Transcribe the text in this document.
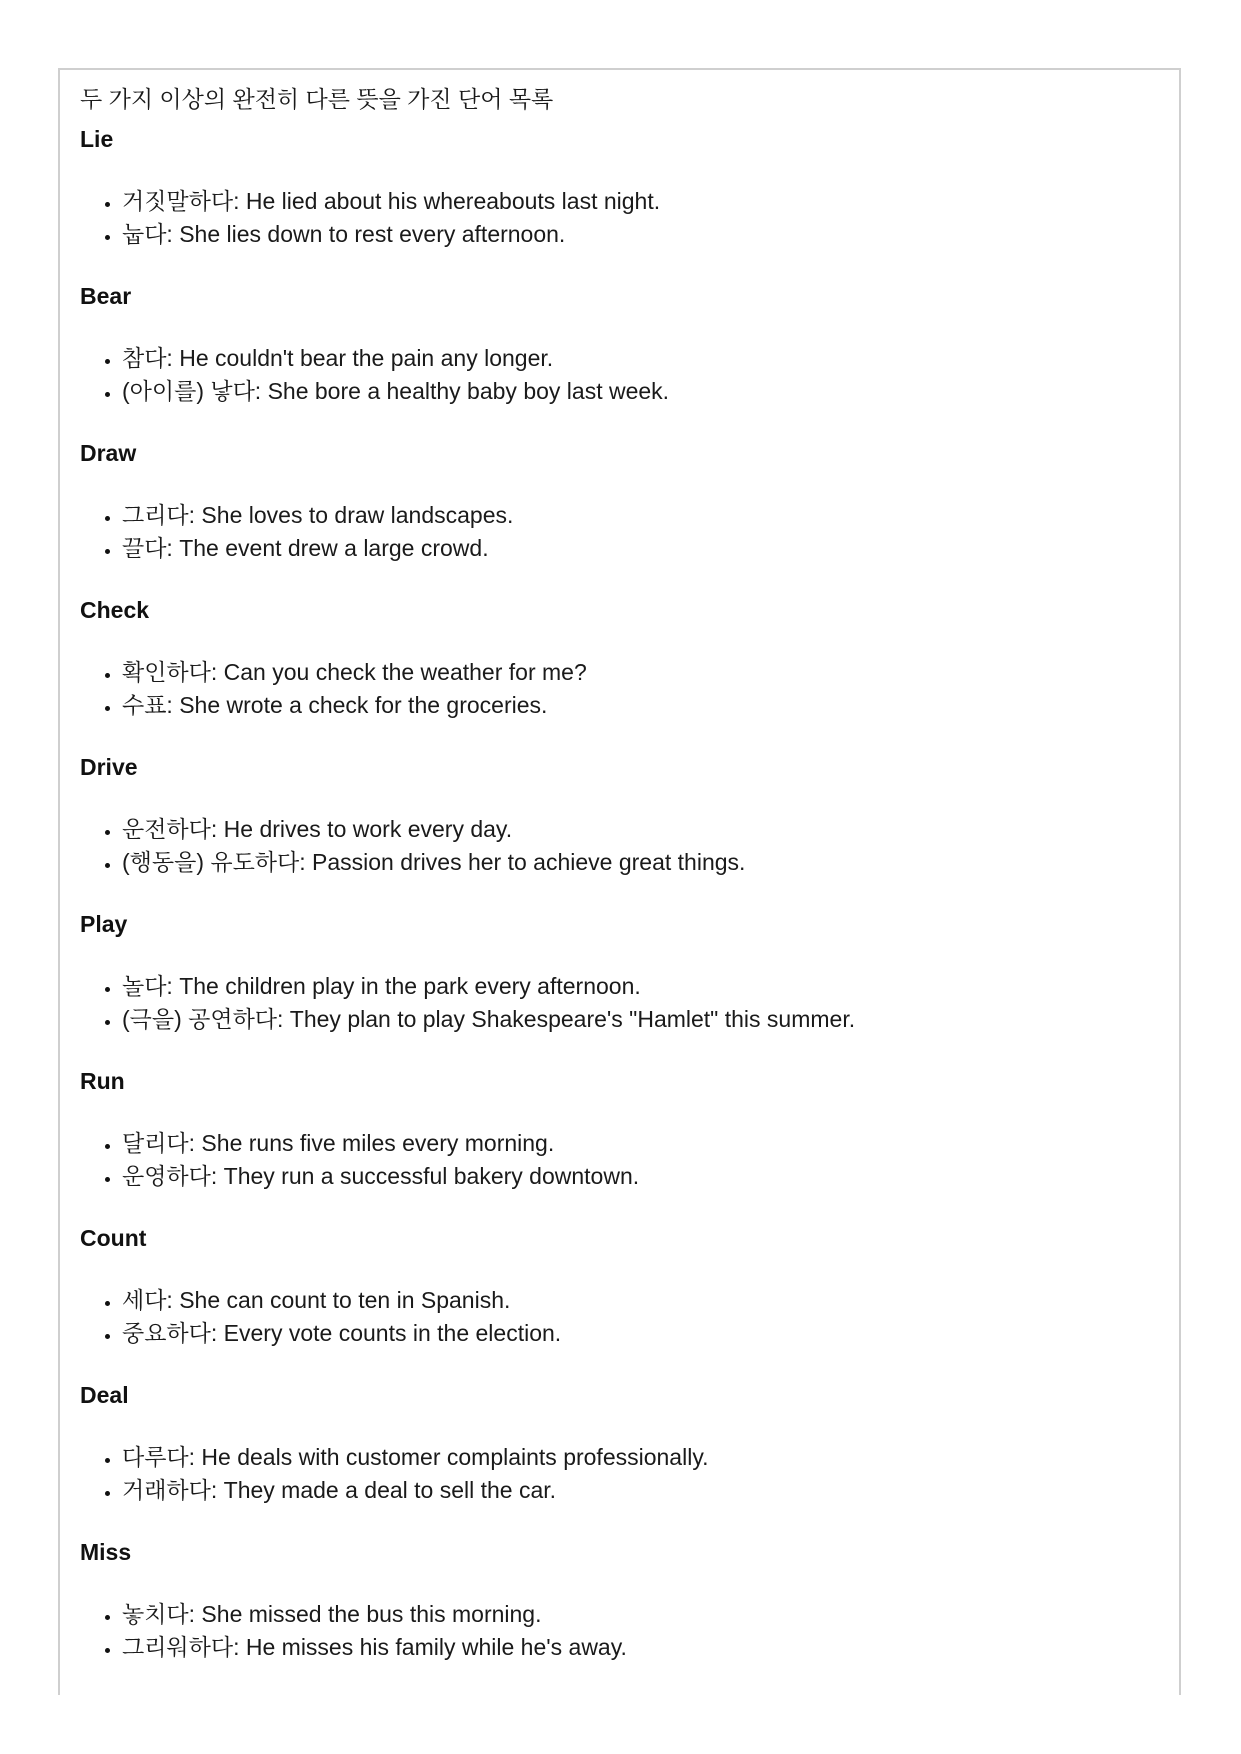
두 가지 이상의 완전히 다른 뜻을 가진 단어 목록

Lie
• 거짓말하다: He lied about his whereabouts last night.
• 눕다: She lies down to rest every afternoon.
Bear
• 참다: He couldn't bear the pain any longer.
• (아이를) 낳다: She bore a healthy baby boy last week.
Draw
• 그리다: She loves to draw landscapes.
• 끌다: The event drew a large crowd.
Check
• 확인하다: Can you check the weather for me?
• 수표: She wrote a check for the groceries.
Drive
• 운전하다: He drives to work every day.
• (행동을) 유도하다: Passion drives her to achieve great things.
Play
• 놀다: The children play in the park every afternoon.
• (극을) 공연하다: They plan to play Shakespeare's "Hamlet" this summer.
Run
• 달리다: She runs five miles every morning.
• 운영하다: They run a successful bakery downtown.
Count
• 세다: She can count to ten in Spanish.
• 중요하다: Every vote counts in the election.
Deal
• 다루다: He deals with customer complaints professionally.
• 거래하다: They made a deal to sell the car.
Miss
• 놓치다: She missed the bus this morning.
• 그리워하다: He misses his family while he's away.
